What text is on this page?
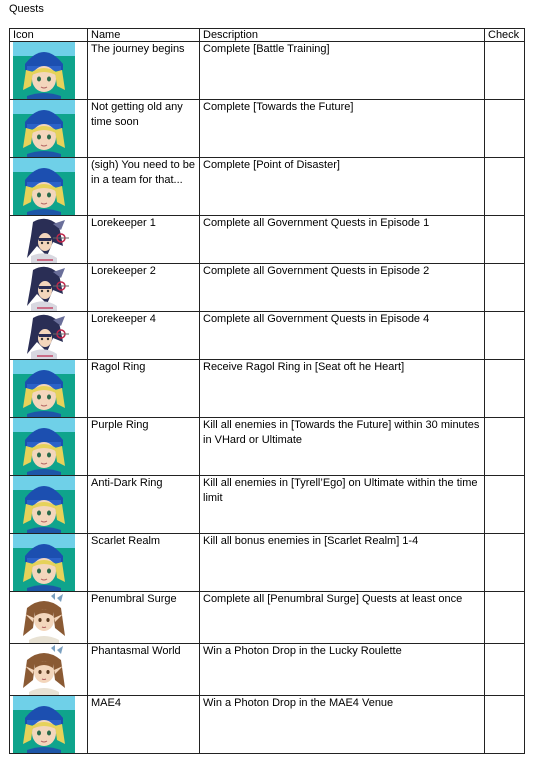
Quests
Icon	Name	Description	Check

	The journey begins	Complete [Battle Training]	

	Not getting old any time soon	Complete [Towards the Future]	

	(sigh) You need to be in a team for that...	Complete [Point of Disaster]	

	Lorekeeper 1	Complete all Government Quests in Episode 1	

	Lorekeeper 2	Complete all Government Quests in Episode 2	

	Lorekeeper 4	Complete all Government Quests in Episode 4	

	Ragol Ring	Receive Ragol Ring in [Seat oft he Heart]	

	Purple Ring	Kill all enemies in [Towards the Future] within 30 minutes in VHard or Ultimate	

	Anti-Dark Ring	Kill all enemies in [Tyrell’Ego] on Ultimate within the time limit	

	Scarlet Realm	Kill all bonus enemies in [Scarlet Realm] 1-4	

	Penumbral Surge	Complete all [Penumbral Surge] Quests at least once	

	Phantasmal World	Win a Photon Drop in the Lucky Roulette	

	MAE4	Win a Photon Drop in the MAE4 Venue	
